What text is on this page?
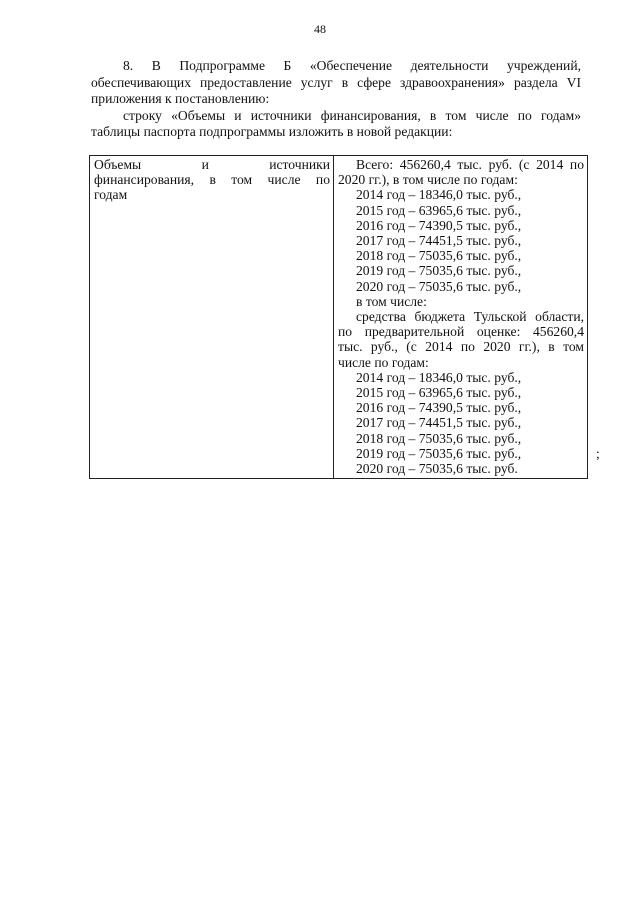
48

8. В Подпрограмме Б «Обеспечение деятельности учреждений, обеспечивающих предоставление услуг в сфере здравоохранения» раздела VI приложения к постановлению:

строку «Объемы и источники финансирования, в том числе по годам» таблицы паспорта подпрограммы изложить в новой редакции:

Объемы и источники
финансирования, в том числе по
годам

Всего: 456260,4 тыс. руб. (с 2014 по
2020 гг.), в том числе по годам:
2014 год – 18346,0 тыс. руб.,
2015 год – 63965,6 тыс. руб.,
2016 год – 74390,5 тыс. руб.,
2017 год – 74451,5 тыс. руб.,
2018 год – 75035,6 тыс. руб.,
2019 год – 75035,6 тыс. руб.,
2020 год – 75035,6 тыс. руб.,
в том числе:
средства бюджета Тульской области,
по предварительной оценке: 456260,4
тыс. руб., (с 2014 по 2020 гг.), в том
числе по годам:
2014 год – 18346,0 тыс. руб.,
2015 год – 63965,6 тыс. руб.,
2016 год – 74390,5 тыс. руб.,
2017 год – 74451,5 тыс. руб.,
2018 год – 75035,6 тыс. руб.,
2019 год – 75035,6 тыс. руб.,
2020 год – 75035,6 тыс. руб.
;
